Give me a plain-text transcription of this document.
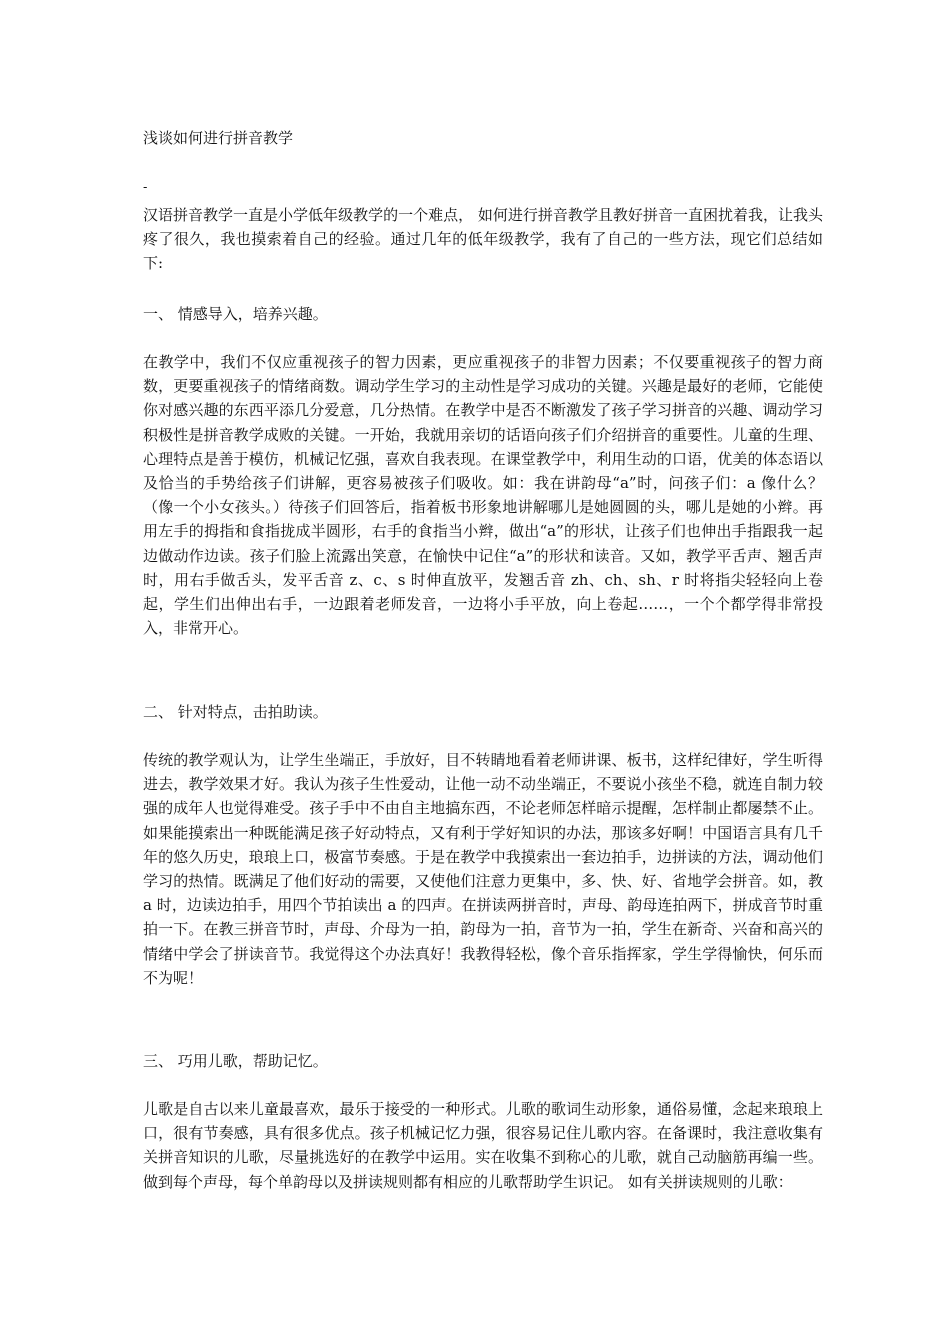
浅谈如何进行拼音教学
-

汉语拼音教学一直是小学低年级教学的一个难点， 如何进行拼音教学且教好拼音一直困扰着我，让我头疼了很久，我也摸索着自己的经验。通过几年的低年级教学，我有了自己的一些方法，现它们总结如下:

一、 情感导入，培养兴趣。

在教学中，我们不仅应重视孩子的智力因素，更应重视孩子的非智力因素；不仅要重视孩子的智力商数，更要重视孩子的情绪商数。调动学生学习的主动性是学习成功的关键。兴趣是最好的老师，它能使你对感兴趣的东西平添几分爱意，几分热情。在教学中是否不断激发了孩子学习拼音的兴趣、调动学习积极性是拼音教学成败的关键。一开始，我就用亲切的话语向孩子们介绍拼音的重要性。儿童的生理、心理特点是善于模仿，机械记忆强，喜欢自我表现。在课堂教学中，利用生动的口语，优美的体态语以及恰当的手势给孩子们讲解，更容易被孩子们吸收。如：我在讲韵母“a”时，问孩子们：a 像什么？（像一个小女孩头。）待孩子们回答后，指着板书形象地讲解哪儿是她圆圆的头，哪儿是她的小辫。再用左手的拇指和食指拢成半圆形，右手的食指当小辫，做出“a”的形状，让孩子们也伸出手指跟我一起边做动作边读。孩子们脸上流露出笑意，在愉快中记住“a”的形状和读音。又如，教学平舌声、翘舌声时，用右手做舌头，发平舌音 z、c、s 时伸直放平，发翘舌音 zh、ch、sh、r 时将指尖轻轻向上卷起，学生们出伸出右手，一边跟着老师发音，一边将小手平放，向上卷起……，一个个都学得非常投入，非常开心。

二、 针对特点，击拍助读。

传统的教学观认为，让学生坐端正，手放好，目不转睛地看着老师讲课、板书，这样纪律好，学生听得进去，教学效果才好。我认为孩子生性爱动，让他一动不动坐端正，不要说小孩坐不稳，就连自制力较强的成年人也觉得难受。孩子手中不由自主地搞东西，不论老师怎样暗示提醒，怎样制止都屡禁不止。如果能摸索出一种既能满足孩子好动特点，又有利于学好知识的办法，那该多好啊！中国语言具有几千年的悠久历史，琅琅上口，极富节奏感。于是在教学中我摸索出一套边拍手，边拼读的方法，调动他们学习的热情。既满足了他们好动的需要，又使他们注意力更集中，多、快、好、省地学会拼音。如，教 a 时，边读边拍手，用四个节拍读出 a 的四声。在拼读两拼音时，声母、韵母连拍两下，拼成音节时重拍一下。在教三拼音节时，声母、介母为一拍，韵母为一拍，音节为一拍，学生在新奇、兴奋和高兴的情绪中学会了拼读音节。我觉得这个办法真好！我教得轻松，像个音乐指挥家，学生学得愉快，何乐而不为呢！

三、 巧用儿歌，帮助记忆。

儿歌是自古以来儿童最喜欢，最乐于接受的一种形式。儿歌的歌词生动形象，通俗易懂，念起来琅琅上口，很有节奏感，具有很多优点。孩子机械记忆力强，很容易记住儿歌内容。在备课时，我注意收集有关拼音知识的儿歌，尽量挑选好的在教学中运用。实在收集不到称心的儿歌，就自己动脑筋再编一些。做到每个声母，每个单韵母以及拼读规则都有相应的儿歌帮助学生识记。 如有关拼读规则的儿歌：
